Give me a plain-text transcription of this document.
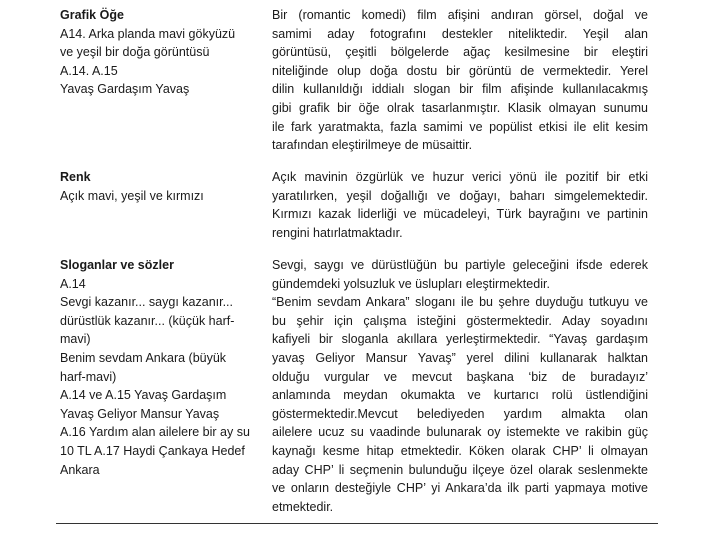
Grafik Öğe
A14. Arka planda mavi gökyüzü
ve yeşil bir doğa görüntüsü
A.14. A.15
Yavaş Gardaşım Yavaş
Bir (romantic komedi) film afişini andıran görsel, doğal ve
samimi aday fotografını destekler niteliktedir. Yeşil alan
görüntüsü, çeşitli bölgelerde ağaç kesilmesine bir eleştiri
niteliğinde olup doğa dostu bir görüntü de vermektedir. Yerel
dilin kullanıldığı iddialı slogan bir film afişinde kullanılacakmış
gibi grafik bir öğe olrak tasarlanmıştır. Klasik olmayan sunumu
ile fark yaratmakta, fazla samimi ve popülist etkisi ile elit kesim
tarafından eleştirilmeye de müsaittir.
Renk
Açık mavi, yeşil ve kırmızı
Açık mavinin özgürlük ve huzur verici yönü ile pozitif bir etki
yaratılırken, yeşil doğallığı ve doğayı, baharı simgelemektedir.
Kırmızı kazak liderliği ve mücadeleyi, Türk bayrağını ve partinin
rengini hatırlatmaktadır.
Sloganlar ve sözler
A.14
Sevgi kazanır... saygı kazanır...
dürüstlük kazanır... (küçük harf-
mavi)
Benim sevdam Ankara (büyük
harf-mavi)
A.14 ve A.15 Yavaş Gardaşım
Yavaş Geliyor Mansur Yavaş
A.16 Yardım alan ailelere bir ay su
10 TL A.17 Haydi Çankaya Hedef
Ankara
Sevgi, saygı ve dürüstlüğün bu partiyle geleceğini ifsde ederek
gündemdeki yolsuzluk ve üslupları eleştirmektedir.
“Benim sevdam Ankara” sloganı ile bu şehre duyduğu tutkuyu ve
bu şehir için çalışma isteğini göstermektedir. Aday soyadını
kafiyeli bir sloganla akıllara yerleştirmektedir. “Yavaş gardaşım
yavaş Geliyor Mansur Yavaş” yerel dilini kullanarak halktan
olduğu vurgular ve mevcut başkana ‘biz de buradayız’
anlamında meydan okumakta ve kurtarıcı rolü üstlendiğini
göstermektedir.Mevcut belediyeden yardım almakta olan
ailelere ucuz su vaadinde bulunarak oy istemekte ve rakibin güç
kaynağı kesme hitap etmektedir. Köken olarak CHP’ li olmayan
aday CHP’ li seçmenin bulunduğu ilçeye özel olarak seslenmekte
ve onların desteğiyle CHP’ yi Ankara’da ilk parti yapmaya motive
etmektedir.
